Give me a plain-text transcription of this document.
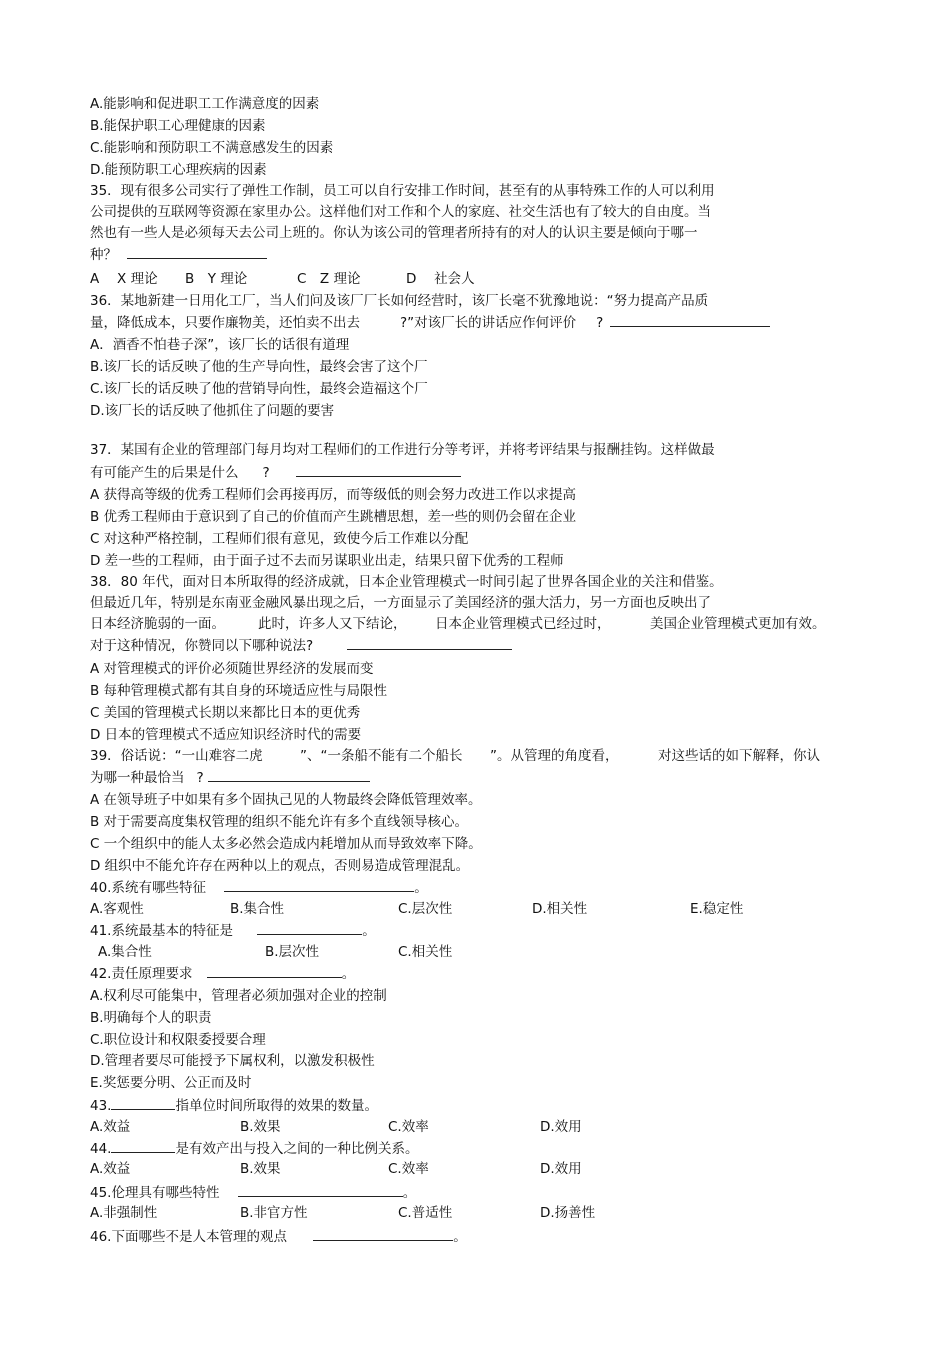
A.能影响和促进职工工作满意度的因素

B.能保护职工心理健康的因素

C.能影响和预防职工不满意感发生的因素

D.能预防职工心理疾病的因素

35．现有很多公司实行了弹性工作制，员工可以自行安排工作时间，甚至有的从事特殊工作的人可以利用

公司提供的互联网等资源在家里办公。这样他们对工作和个人的家庭、社交生活也有了较大的自由度。当

然也有一些人是必须每天去公司上班的。你认为该公司的管理者所持有的对人的认识主要是倾向于哪一

种？

A　 X 理论 B　Y 理论	C　Z 理论	D　 社会人

36．某地新建一日用化工厂，当人们问及该厂厂长如何经营时，该厂长毫不犹豫地说：“努力提高产品质

量，降低成本，只要作廉物美，还怕卖不出去	?”对该厂长的讲话应作何评价 ?

A．酒香不怕巷子深”，该厂长的话很有道理

B.该厂长的话反映了他的生产导向性，最终会害了这个厂

C.该厂长的话反映了他的营销导向性，最终会造福这个厂

D.该厂长的话反映了他抓住了问题的要害

37．某国有企业的管理部门每月均对工程师们的工作进行分等考评，并将考评结果与报酬挂钩。这样做最

有可能产生的后果是什么 ?

A 获得高等级的优秀工程师们会再接再厉，而等级低的则会努力改进工作以求提高

B 优秀工程师由于意识到了自己的价值而产生跳槽思想，差一些的则仍会留在企业

C 对这种严格控制，工程师们很有意见，致使今后工作难以分配

D 差一些的工程师，由于面子过不去而另谋职业出走，结果只留下优秀的工程师

38．80 年代，面对日本所取得的经济成就，日本企业管理模式一时间引起了世界各国企业的关注和借鉴。

但最近几年，特别是东南亚金融风暴出现之后，一方面显示了美国经济的强大活力，另一方面也反映出了

日本经济脆弱的一面。 此时，许多人又下结论， 日本企业管理模式已经过时，	美国企业管理模式更加有效。

对于这种情况，你赞同以下哪种说法?

A 对管理模式的评价必须随世界经济的发展而变

B 每种管理模式都有其自身的环境适应性与局限性

C 美国的管理模式长期以来都比日本的更优秀

D 日本的管理模式不适应知识经济时代的需要

39．俗话说：“一山难容二虎	”、“一条船不能有二个船长 ”。从管理的角度看，	对这些话的如下解释，你认

为哪一种最恰当 ?

A 在领导班子中如果有多个固执己见的人物最终会降低管理效率。

B 对于需要高度集权管理的组织不能允许有多个直线领导核心。

C 一个组织中的能人太多必然会造成内耗增加从而导致效率下降。

D 组织中不能允许存在两种以上的观点，否则易造成管理混乱。

40.系统有哪些特征	。

A.客观性	B.集合性	C.层次性	D.相关性	E.稳定性

41.系统最基本的特征是	。

A.集合性	B.层次性	C.相关性

42.责任原理要求	。

A.权利尽可能集中，管理者必须加强对企业的控制

B.明确每个人的职责

C.职位设计和权限委授要合理

D.管理者要尽可能授予下属权利，以激发积极性

E.奖惩要分明、公正而及时

43.	指单位时间所取得的效果的数量。

A.效益	B.效果	C.效率	D.效用

44.	是有效产出与投入之间的一种比例关系。

A.效益	B.效果	C.效率	D.效用

45.伦理具有哪些特性	。

A.非强制性	B.非官方性	C.普适性	D.扬善性

46.下面哪些不是人本管理的观点	。
